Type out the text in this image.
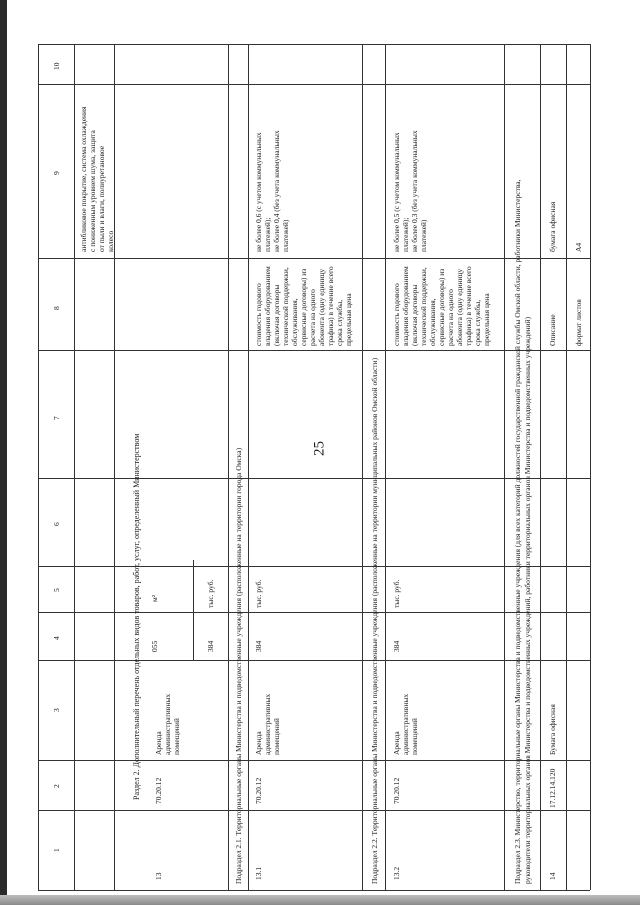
25
10
9
8
7
6
5
4
3
2
1
антибликовое покрытие, система охлаждения с пониженным уровнем шума, защита от пыли и влаги, полиуретановое колесо
Раздел 2. Дополнительный перечень отдельных видов товаров, работ, услуг, определенный Министерством
13
70.20.12
Аренда административных помещений
055
м²
384
тыс. руб.	Подраздел 2.1. Территориальные органы Министерства и подведомственные учреждения (расположенные на территории города Омска) 13.1
70.20.12
Аренда административных помещений
384
тыс. руб.
стоимость годового владения оборудованием (включая договоры технической поддержки, обслуживания, сервисные договоры) из расчета на одного абонента (одну единицу трафика) в течение всего срока службы, предельная цена
не более 0,6 (с учетом коммунальных платежей); не более 0,4 (без учета коммунальных платежей)
Подраздел 2.2. Территориальные органы Министерства и подведомственные учреждения (расположенные на территории муниципальных районов Омской области) 13.2
70.20.12
Аренда административных помещений
384
тыс. руб.
стоимость годового владения оборудованием (включая договоры технической поддержки, обслуживания, сервисные договоры) из расчета на одного абонента (одну единицу трафика) в течение всего срока службы, предельная цена
не более 0,5 (с учетом коммунальных платежей); не более 0,3 (без учета коммунальных платежей)	Подраздел 2.3. Министерство, территориальные органы Министерства и подведомственные учреждения (для всех категорий должностей государственной гражданской службы Омской области, работники Министерства, руководители территориальных органов Министерства и подведомственных учреждений, работники территориальных органов Министерства и подведомственных учреждений) 14
17.12.14.120
Бумага офисная
Описание
бумага офисная
формат листов
А4
